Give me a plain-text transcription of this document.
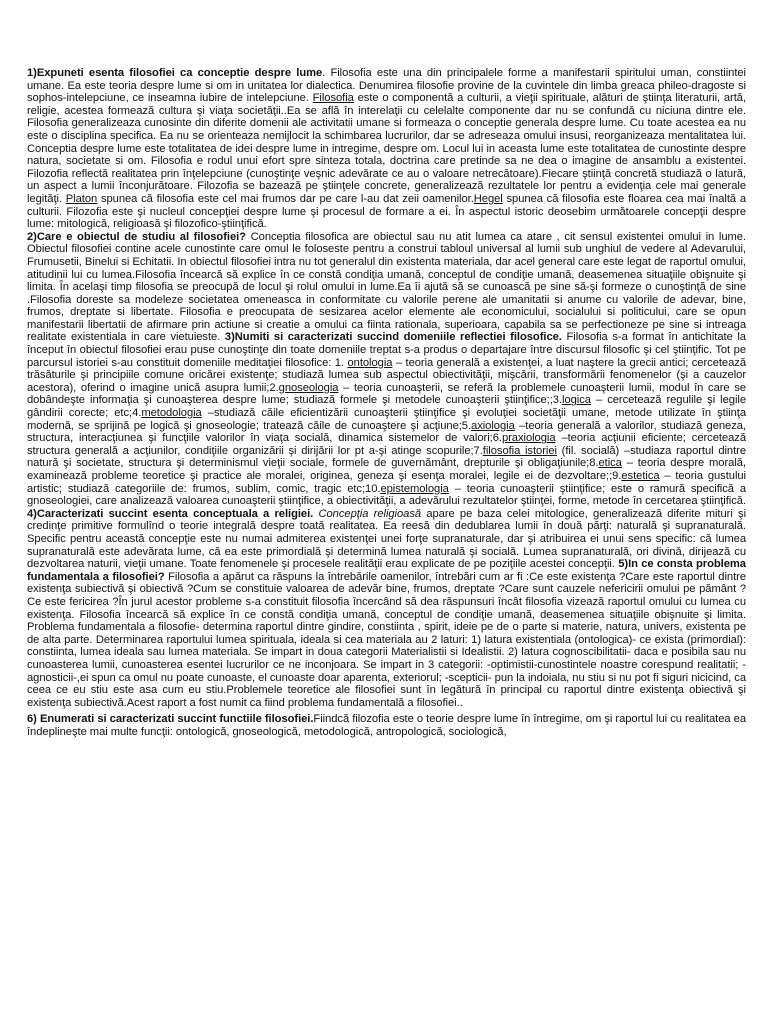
1)Expuneti esenta filosofiei ca conceptie despre lume. Filosofia este una din principalele forme a manifestarii spiritului uman, constiintei umane. Ea este teoria despre lume si om in unitatea lor dialectica. Denumirea filosofie provine de la cuvintele din limba greaca phileo-dragoste si sophos-intelepciune, ce inseamna iubire de intelepciune. Filosofia este o componentă a culturii, a vieţii spirituale, alături de ştiinţa literaturii, artă, religie, acestea formează cultura şi viaţa societăţii..Ea se află în interelaţii cu celelalte componente dar nu se confundă cu niciuna dintre ele. Filosofia generalizeaza cunosinte din diferite domenii ale activitatii umane si formeaza o conceptie generala despre lume. Cu toate acestea ea nu este o disciplina specifica. Ea nu se orienteaza nemijlocit la schimbarea lucrurilor, dar se adreseaza omului insusi, reorganizeaza mentalitatea lui. Conceptia despre lume este totalitatea de idei despre lume in intregime, despre om. Locul lui in aceasta lume este totalitatea de cunostinte despre natura, societate si om. Filosofia e rodul unui efort spre sinteza totala, doctrina care pretinde sa ne dea o imagine de ansamblu a existentei. Filozofia reflectă realitatea prin înţelepciune (cunoştinţe veşnic adevărate ce au o valoare netrecătoare).Fiecare ştiinţă concretă studiază o latură, un aspect a lumii înconjurătoare. Filozofia se bazează pe ştiinţele concrete, generalizează rezultatele lor pentru a evidenţia cele mai generale legităţi. Platon spunea că filosofia este cel mai frumos dar pe care l-au dat zeii oamenilor.Hegel spunea că filosofia este floarea cea mai înaltă a culturii. Filozofia este şi nucleul concepţiei despre lume şi procesul de formare a ei. În aspectul istoric deosebim următoarele concepţii despre lume: mitologică, religioasă şi filozofico-ştiinţifică.

2)Care e obiectul de studiu al filosofiei? Conceptia filosofica are obiectul sau nu atit lumea ca atare , cit sensul existentei omului in lume. Obiectul filosofiei contine acele cunostinte care omul le foloseste pentru a construi tabloul universal al lumii sub unghiul de vedere al Adevarului, Frumusetii, Binelui si Echitatii. In obiectul filosofiei intra nu tot generalul din existenta materiala, dar acel general care este legat de raportul omului, atitudinii lui cu lumea.Filosofia încearcă să explice în ce constă condiţia umană, conceptul de condiţie umană, deasemenea situaţiile obişnuite şi limita. În acelaşi timp filosofia se preocupă de locul şi rolul omului in lume.Ea îi ajută să se cunoască pe sine să-şi formeze o cunoştinţă de sine .Filosofia doreste sa modeleze societatea omeneasca in conformitate cu valorile perene ale umanitatii si anume cu valorile de adevar, bine, frumos, dreptate si libertate. Filosofia e preocupata de sesizarea acelor elemente ale economicului, socialului si politicului, care se opun manifestarii libertatii de afirmare prin actiune si creatie a omului ca fiinta rationala, superioara, capabila sa se perfectioneze pe sine si intreaga realitate existentiala in care vietuieste. 3)Numiti si caracterizati succind domeniile reflectiei filosofice. Filosofia s-a format în antichitate la început în obiectul filosofiei erau puse cunoştinţe din toate domeniile treptat s-a produs o departajare între discursul filosofic şi cel ştiinţific. Tot pe parcursul istoriei s-au constituit domeniile meditaţiei filosofice: 1. ontologia – teoria generală a existenţei, a luat naştere la grecii antici; cercetează trăsăturile şi principiile comune oricărei existenţe; studiază lumea sub aspectul obiectivităţii, mişcării, transformării fenomenelor (şi a cauzelor acestora), oferind o imagine unică asupra lumii;2.gnoseologia – teoria cunoaşterii, se referă la problemele cunoaşterii lumii, modul în care se dobândeşte informaţia şi cunoaşterea despre lume; studiază formele şi metodele cunoaşterii ştiinţifice;;3.logica – cercetează regulile şi legile gândirii corecte; etc;4.metodologia –studiază căile eficientizării cunoaşterii ştiinţifice şi evoluţiei societăţii umane, metode utilizate în ştiinţa modernă, se sprijină pe logică şi gnoseologie; tratează căile de cunoaştere şi acţiune;5.axiologia –teoria generală a valorilor, studiază geneza, structura, interacţiunea şi funcţiile valorilor în viaţa socială, dinamica sistemelor de valori;6.praxiologia –teoria acţiunii eficiente; cercetează structura generală a acţiunilor, condiţiile organizării şi dirijării lor pt a-şi atinge scopurile;7.filosofia istoriei (fil. socială) –studiaza raportul dintre natură şi societate, structura şi determinismul vieţii sociale, formele de guvernământ, drepturile şi obligaţiunile;8.etica – teoria despre morală, examinează probleme teoretice şi practice ale moralei, originea, geneza şi esenţa moralei, legile ei de dezvoltare;;9.estetica – teoria gustului artistic; studiază categoriile de: frumos, sublim, comic, tragic etc;10.epistemologia – teoria cunoaşterii ştiinţifice; este o ramură specifică a gnoseologiei, care analizează valoarea cunoaşterii ştiinţifice, a obiectivităţii, a adevărului rezultatelor ştiinţei, forme, metode în cercetarea ştiinţifică. 4)Caracterizati succint esenta conceptuala a religiei. Concepţia religioasă apare pe baza celei mitologice, generalizează diferite mituri şi credinţe primitive formulînd o teorie integrală despre toată realitatea. Ea reesă din dedublarea lumii în două părţi: naturală şi supranaturală. Specific pentru această concepţie este nu numai admiterea existenţei unei forţe supranaturale, dar şi atribuirea ei unui sens specific: că lumea supranaturală este adevărata lume, că ea este primordială şi determină lumea naturală şi socială. Lumea supranaturală, ori divină, dirijează cu dezvoltarea naturii, vieţii umane. Toate fenomenele şi procesele realităţii erau explicate de pe poziţiile acestei concepţii. 5)In ce consta problema fundamentala a filosofiei? Filosofia a apărut ca răspuns la întrebările oamenilor, întrebări cum ar fi :Ce este existenţa ?Care este raportul dintre existenţa subiectivă şi obiectivă ?Cum se constituie valoarea de adevăr bine, frumos, dreptate ?Care sunt cauzele nefericirii omului pe pământ ?Ce este fericirea ?În jurul acestor probleme s-a constituit filosofia încercând să dea răspunsuri încât filosofia vizează raportul omului cu lumea cu existenţa. Filosofia încearcă să explice în ce constă condiţia umană, conceptul de condiţie umană, deasemenea situaţiile obişnuite şi limita. Problema fundamentala a filosofie- determina raportul dintre gindire, constiinta , spirit, ideie pe de o parte si materie, natura, univers, existenta pe de alta parte. Determinarea raportului lumea spirituala, ideala si cea materiala au 2 laturi: 1) latura existentiala (ontologica)- ce exista (primordial): constiinta, lumea ideala sau lumea materiala. Se impart in doua categorii Materialistii si Idealistii. 2) latura cognoscibilitatii- daca e posibila sau nu cunoasterea lumii, cunoasterea esentei lucrurilor ce ne inconjoara. Se impart in 3 categorii: -optimistii-cunostintele noastre corespund realitatii; -agnosticii-,ei spun ca omul nu poate cunoaste, el cunoaste doar aparenta, exteriorul; -scepticii- pun la indoiala, nu stiu si nu pot fi siguri nicicind, ca ceea ce eu stiu este asa cum eu stiu.Problemele teoretice ale filosofiei sunt în legătură în principal cu raportul dintre existenţa obiectivă şi existenţa subiectivă.Acest raport a fost numit ca fiind problema fundamentală a filosofiei..

6) Enumerati si caracterizati succint functiile filosofiei.Fiindcă filozofia este o teorie despre lume în întregime, om şi raportul lui cu realitatea ea îndeplineşte mai multe funcţii: ontologică, gnoseologică, metodologică, antropologică, sociologică,
